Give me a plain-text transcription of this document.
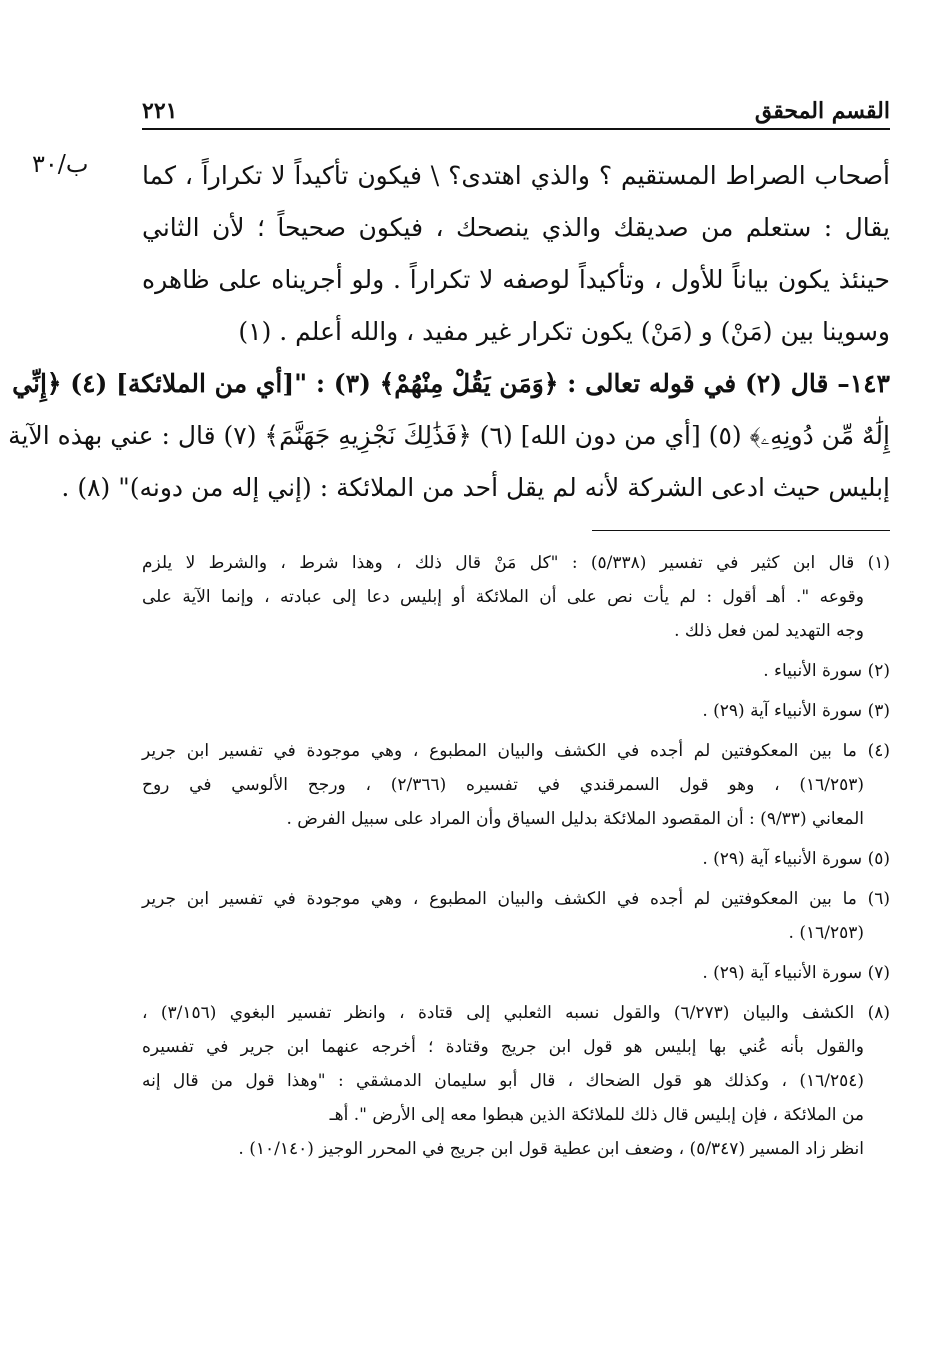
القسم المحقق
٢٢١
ب/٣٠	أصحاب الصراط المستقيم ؟ والذي اهتدى؟ \ فيكون تأكيداً لا تكراراً ، كما
يقال : ستعلم من صديقك والذي ينصحك ، فيكون صحيحاً ؛ لأن الثاني
حينئذ يكون بياناً للأول ، وتأكيداً لوصفه لا تكراراً . ولو أجريناه على ظاهره
وسوينا بين (مَنْ) و (مَنْ) يكون تكرار غير مفيد ، والله أعلم . (١)
١٤٣– قال (٢) في قوله تعالى : ﴿وَمَن يَقُلْ مِنْهُمْ﴾ (٣) : "[أي من الملائكة] (٤) ﴿إِنِّي
إِلَٰهٌ مِّن دُونِهِۦ﴾ (٥) [أي من دون الله] (٦) ﴿فَذَٰلِكَ نَجْزِيهِ جَهَنَّمَ﴾ (٧) قال : عني بهذه الآية
إبليس حيث ادعى الشركة لأنه لم يقل أحد من الملائكة : (إني إله من دونه)" (٨) .
(١) قال ابن كثير في تفسير (٥/٣٣٨) : "كل مَنْ قال ذلك ، وهذا شرط ، والشرط لا يلزم
وقوعه ". أهـ أقول : لم يأت نص على أن الملائكة أو إبليس دعا إلى عبادته ، وإنما الآية على
وجه التهديد لمن فعل ذلك .
(٢) سورة الأنبياء .
(٣) سورة الأنبياء آية (٢٩) .
(٤) ما بين المعكوفتين لم أجده في الكشف والبيان المطبوع ، وهي موجودة في تفسير ابن جرير
(١٦/٢٥٣) ، وهو قول السمرقندي في تفسيره (٢/٣٦٦) ، ورجح الألوسي في روح
المعاني (٩/٣٣) : أن المقصود الملائكة بدليل السياق وأن المراد على سبيل الفرض .
(٥) سورة الأنبياء آية (٢٩) .
(٦) ما بين المعكوفتين لم أجده في الكشف والبيان المطبوع ، وهي موجودة في تفسير ابن جرير
(١٦/٢٥٣) .
(٧) سورة الأنبياء آية (٢٩) .
(٨) الكشف والبيان (٦/٢٧٣) والقول نسبه الثعلبي إلى قتادة ، وانظر تفسير البغوي (٣/١٥٦) ،
والقول بأنه عُني بها إبليس هو قول ابن جريج وقتادة ؛ أخرجه عنهما ابن جرير في تفسيره
(١٦/٢٥٤) ، وكذلك هو قول الضحاك ، قال أبو سليمان الدمشقي : "وهذا قول من قال إنه
من الملائكة ، فإن إبليس قال ذلك للملائكة الذين هبطوا معه إلى الأرض ". أهـ
انظر زاد المسير (٥/٣٤٧) ، وضعف ابن عطية قول ابن جريج في المحرر الوجيز (١٠/١٤٠) .
